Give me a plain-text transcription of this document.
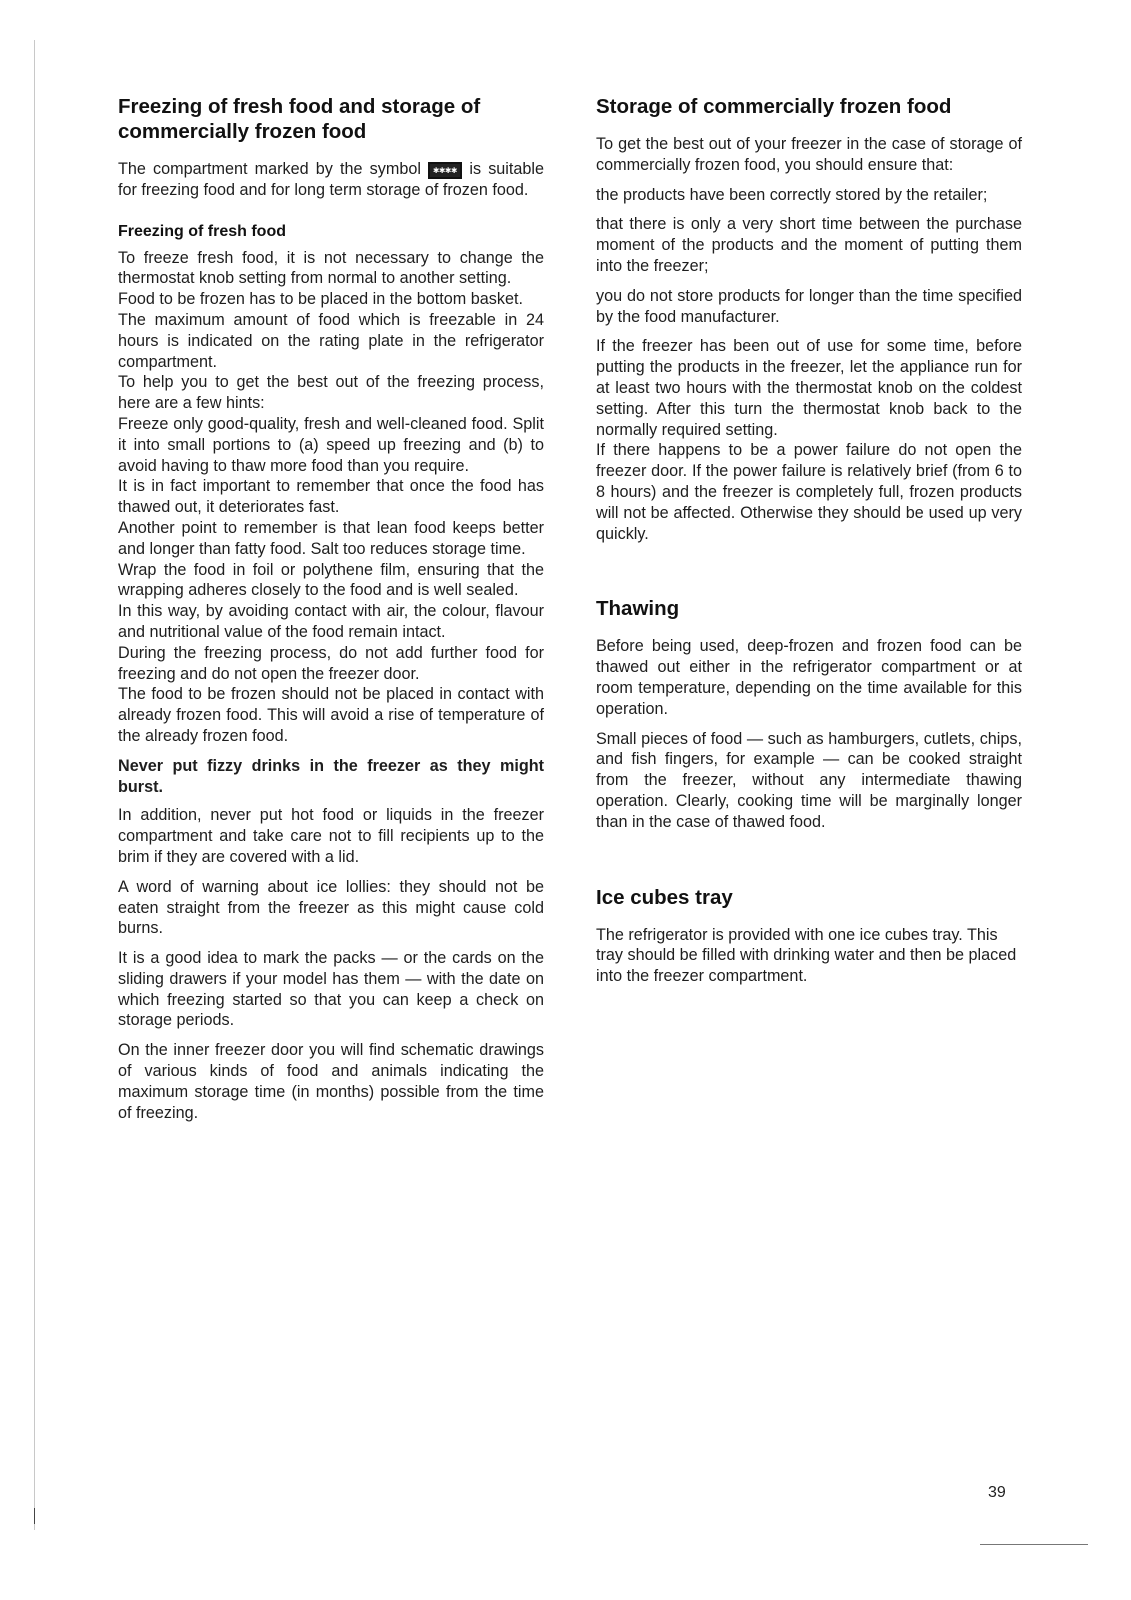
Freezing of fresh food and storage of commercially frozen food

The compartment marked by the symbol ✱✱✱✱ is suitable for freezing food and for long term storage of frozen food.

Freezing of fresh food

To freeze fresh food, it is not necessary to change the thermostat knob setting from normal to another setting.

Food to be frozen has to be placed in the bottom basket.

The maximum amount of food which is freezable in 24 hours is indicated on the rating plate in the refrigerator compartment.

To help you to get the best out of the freezing process, here are a few hints:

Freeze only good-quality, fresh and well-cleaned food. Split it into small portions to (a) speed up freezing and (b) to avoid having to thaw more food than you require.

It is in fact important to remember that once the food has thawed out, it deteriorates fast.

Another point to remember is that lean food keeps better and longer than fatty food. Salt too reduces storage time.

Wrap the food in foil or polythene film, ensuring that the wrapping adheres closely to the food and is well sealed.

In this way, by avoiding contact with air, the colour, flavour and nutritional value of the food remain intact.

During the freezing process, do not add further food for freezing and do not open the freezer door.

The food to be frozen should not be placed in contact with already frozen food. This will avoid a rise of temperature of the already frozen food.

Never put fizzy drinks in the freezer as they might burst.

In addition, never put hot food or liquids in the freezer compartment and take care not to fill recipients up to the brim if they are covered with a lid.

A word of warning about ice lollies: they should not be eaten straight from the freezer as this might cause cold burns.

It is a good idea to mark the packs — or the cards on the sliding drawers if your model has them — with the date on which freezing started so that you can keep a check on storage periods.

On the inner freezer door you will find schematic drawings of various kinds of food and animals indicating the maximum storage time (in months) possible from the time of freezing.

Storage of commercially frozen food

To get the best out of your freezer in the case of storage of commercially frozen food, you should ensure that:

the products have been correctly stored by the retailer;

that there is only a very short time between the purchase moment of the products and the moment of putting them into the freezer;

you do not store products for longer than the time specified by the food manufacturer.

If the freezer has been out of use for some time, before putting the products in the freezer, let the appliance run for at least two hours with the thermostat knob on the coldest setting. After this turn the thermostat knob back to the normally required setting.

If there happens to be a power failure do not open the freezer door. If the power failure is relatively brief (from 6 to 8 hours) and the freezer is completely full, frozen products will not be affected. Otherwise they should be used up very quickly.

Thawing

Before being used, deep-frozen and frozen food can be thawed out either in the refrigerator compartment or at room temperature, depending on the time available for this operation.

Small pieces of food — such as hamburgers, cutlets, chips, and fish fingers, for example — can be cooked straight from the freezer, without any intermediate thawing operation. Clearly, cooking time will be marginally longer than in the case of thawed food.

Ice cubes tray

The refrigerator is provided with one ice cubes tray. This tray should be filled with drinking water and then be placed into the freezer compartment.

39
